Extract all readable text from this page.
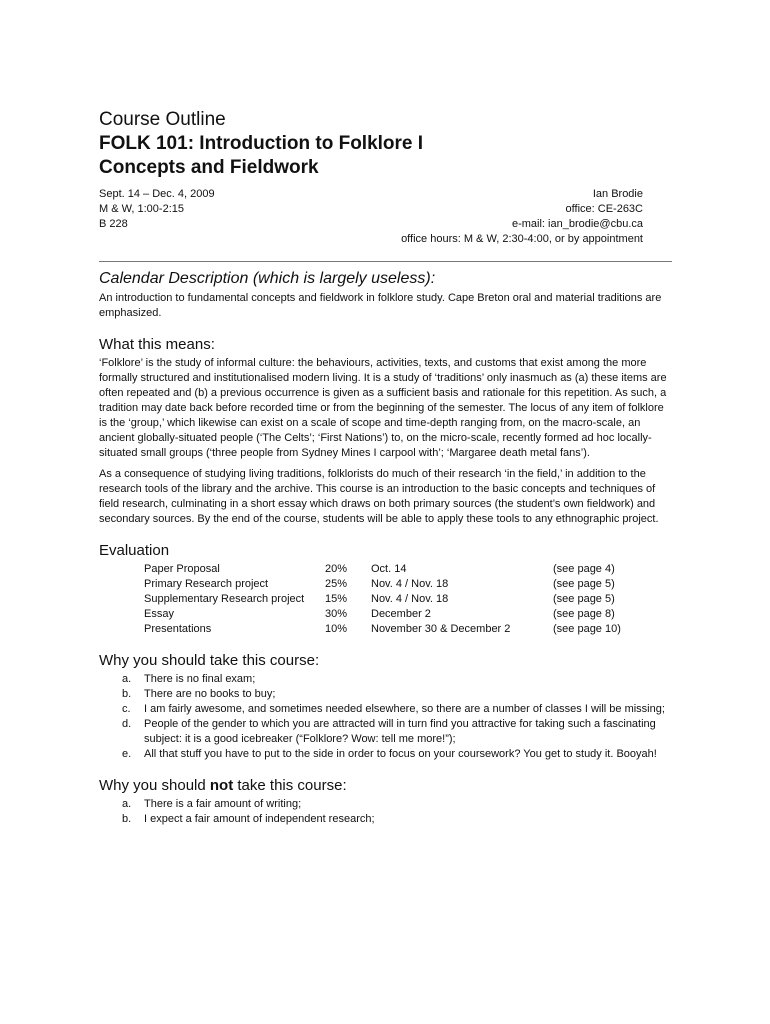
Course Outline
FOLK 101: Introduction to Folklore I
Concepts and Fieldwork
Sept. 14 – Dec. 4, 2009
M & W, 1:00-2:15
B 228
Ian Brodie
office: CE-263C
e-mail: ian_brodie@cbu.ca
office hours: M & W, 2:30-4:00, or by appointment
Calendar Description (which is largely useless):

An introduction to fundamental concepts and fieldwork in folklore study. Cape Breton oral and material traditions are emphasized.

What this means:

‘Folklore’ is the study of informal culture: the behaviours, activities, texts, and customs that exist among the more formally structured and institutionalised modern living. It is a study of ‘traditions’ only inasmuch as (a) these items are often repeated and (b) a previous occurrence is given as a sufficient basis and rationale for this repetition. As such, a tradition may date back before recorded time or from the beginning of the semester. The locus of any item of folklore is the ‘group,’ which likewise can exist on a scale of scope and time-depth ranging from, on the macro-scale, an ancient globally-situated people (‘The Celts’; ‘First Nations’) to, on the micro-scale, recently formed ad hoc locally-situated small groups (‘three people from Sydney Mines I carpool with’; ‘Margaree death metal fans’).

As a consequence of studying living traditions, folklorists do much of their research ‘in the field,’ in addition to the research tools of the library and the archive. This course is an introduction to the basic concepts and techniques of field research, culminating in a short essay which draws on both primary sources (the student’s own fieldwork) and secondary sources. By the end of the course, students will be able to apply these tools to any ethnographic project.

Evaluation
Paper Proposal	20%	Oct. 14	(see page 4)
Primary Research project	25%	Nov. 4 / Nov. 18	(see page 5)
Supplementary Research project	15%	Nov. 4 / Nov. 18	(see page 5)
Essay	30%	December 2	(see page 8)
Presentations	10%	November 30 & December 2	(see page 10)
Why you should take this course:
a.	There is no final exam;
b.	There are no books to buy;
c.	I am fairly awesome, and sometimes needed elsewhere, so there are a number of classes I will be missing;
d.	People of the gender to which you are attracted will in turn find you attractive for taking such a fascinating subject: it is a good icebreaker (“Folklore? Wow: tell me more!”);
e.	All that stuff you have to put to the side in order to focus on your coursework? You get to study it. Booyah!
Why you should not take this course:
a.	There is a fair amount of writing;
b.	I expect a fair amount of independent research;
